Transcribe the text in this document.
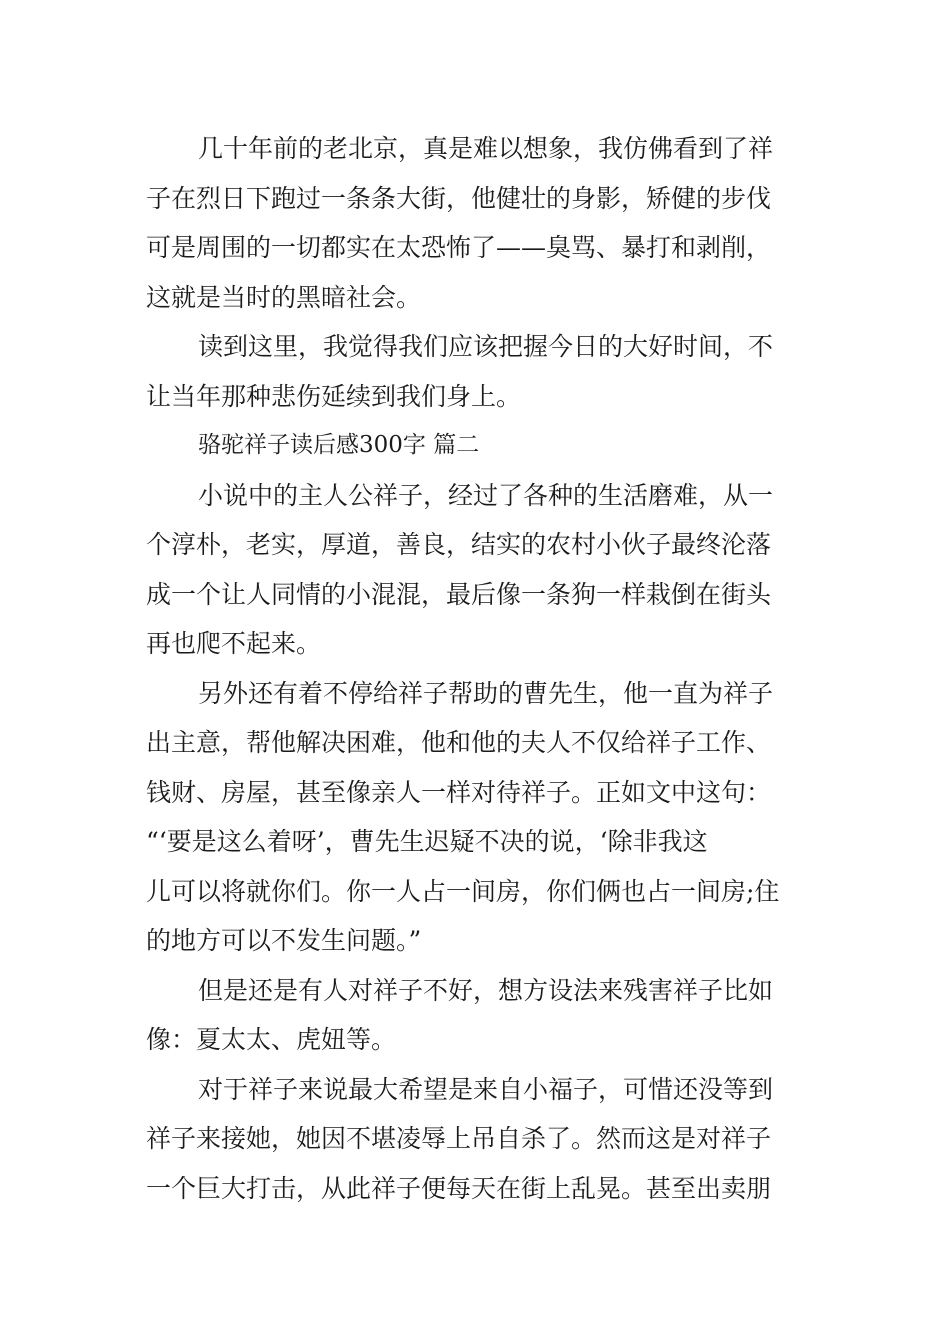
几十年前的老北京，真是难以想象，我仿佛看到了祥
子在烈日下跑过一条条大街，他健壮的身影，矫健的步伐
可是周围的一切都实在太恐怖了——臭骂、暴打和剥削，
这就是当时的黑暗社会。
读到这里，我觉得我们应该把握今日的大好时间，不
让当年那种悲伤延续到我们身上。
骆驼祥子读后感300字 篇二
小说中的主人公祥子，经过了各种的生活磨难，从一
个淳朴，老实，厚道，善良，结实的农村小伙子最终沦落
成一个让人同情的小混混，最后像一条狗一样栽倒在街头
再也爬不起来。
另外还有着不停给祥子帮助的曹先生，他一直为祥子
出主意，帮他解决困难，他和他的夫人不仅给祥子工作、
钱财、房屋，甚至像亲人一样对待祥子。正如文中这句：
“‘要是这么着呀’，曹先生迟疑不决的说，‘除非我这
儿可以将就你们。你一人占一间房，你们俩也占一间房;住
的地方可以不发生问题。”
但是还是有人对祥子不好，想方设法来残害祥子比如
像：夏太太、虎妞等。
对于祥子来说最大希望是来自小福子，可惜还没等到
祥子来接她，她因不堪凌辱上吊自杀了。然而这是对祥子
一个巨大打击，从此祥子便每天在街上乱晃。甚至出卖朋
